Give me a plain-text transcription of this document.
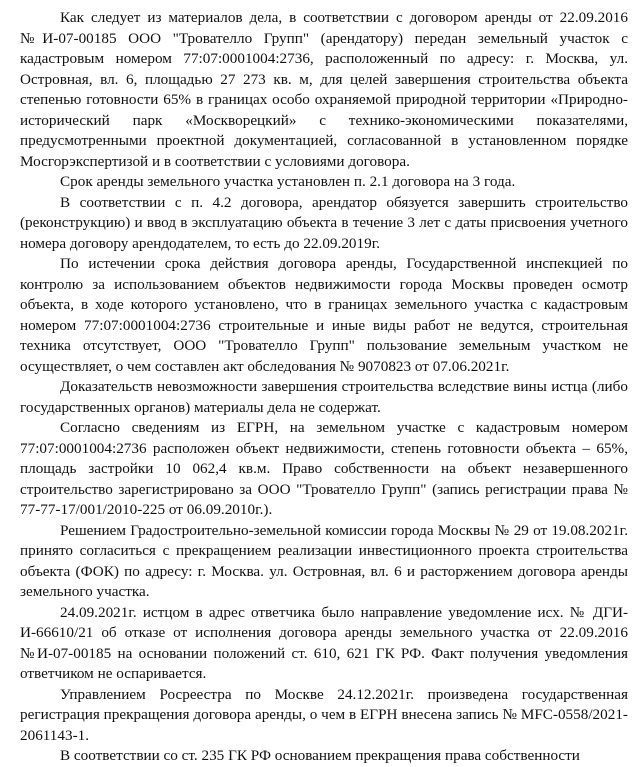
Как следует из материалов дела, в соответствии с договором аренды от 22.09.2016 №И-07-00185 ООО "Трователло Групп" (арендатору) передан земельный участок с кадастровым номером 77:07:0001004:2736, расположенный по адресу: г. Москва, ул. Островная, вл. 6, площадью 27 273 кв. м, для целей завершения строительства объекта степенью готовности 65% в границах особо охраняемой природной территории «Природно-исторический парк «Москворецкий» с технико-экономическими показателями, предусмотренными проектной документацией, согласованной в установленном порядке Мосгорэкспертизой и в соответствии с условиями договора.

Срок аренды земельного участка установлен п. 2.1 договора на 3 года.

В соответствии с п. 4.2 договора, арендатор обязуется завершить строительство (реконструкцию) и ввод в эксплуатацию объекта в течение 3 лет с даты присвоения учетного номера договору арендодателем, то есть до 22.09.2019г.

По истечении срока действия договора аренды, Государственной инспекцией по контролю за использованием объектов недвижимости города Москвы проведен осмотр объекта, в ходе которого установлено, что в границах земельного участка с кадастровым номером 77:07:0001004:2736 строительные и иные виды работ не ведутся, строительная техника отсутствует, ООО "Трователло Групп" пользование земельным участком не осуществляет, о чем составлен акт обследования № 9070823 от 07.06.2021г.

Доказательств невозможности завершения строительства вследствие вины истца (либо государственных органов) материалы дела не содержат.

Согласно сведениям из ЕГРН, на земельном участке с кадастровым номером 77:07:0001004:2736 расположен объект недвижимости, степень готовности объекта – 65%, площадь застройки 10 062,4 кв.м. Право собственности на объект незавершенного строительство зарегистрировано за ООО "Трователло Групп" (запись регистрации права № 77-77-17/001/2010-225 от 06.09.2010г.).

Решением Градостроительно-земельной комиссии города Москвы № 29 от 19.08.2021г. принято согласиться с прекращением реализации инвестиционного проекта строительства объекта (ФОК) по адресу: г. Москва. ул. Островная, вл. 6 и расторжением договора аренды земельного участка.

24.09.2021г. истцом в адрес ответчика было направление уведомление исх. № ДГИ-И-66610/21 об отказе от исполнения договора аренды земельного участка от 22.09.2016 №И-07-00185 на основании положений ст. 610, 621 ГК РФ. Факт получения уведомления ответчиком не оспаривается.

Управлением Росреестра по Москве 24.12.2021г. произведена государственная регистрация прекращения договора аренды, о чем в ЕГРН внесена запись № MFC-0558/2021-2061143-1.

В соответствии со ст. 235 ГК РФ основанием прекращения права собственности
